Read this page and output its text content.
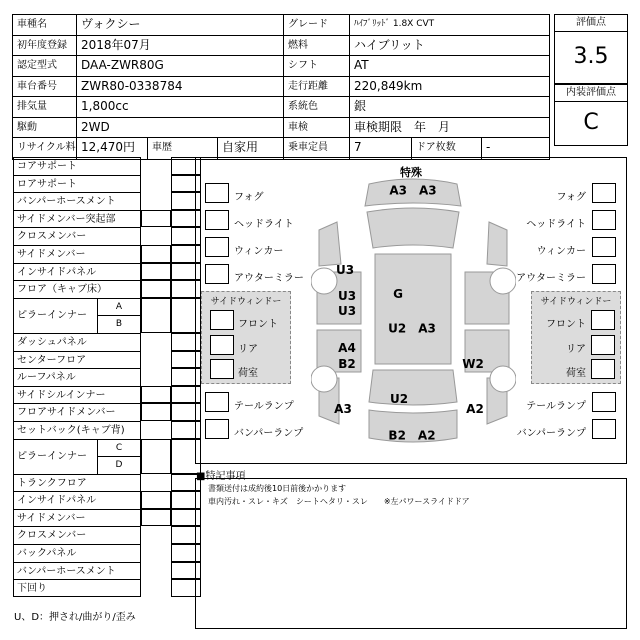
車種名	ヴォクシー	グレード	ﾊｲﾌﾞﾘｯﾄﾞ 1.8X CVT
初年度登録	2018年07月	燃料	ハイブリット
認定型式	DAA-ZWR80G	シフト	AT
車台番号	ZWR80-0338784	走行距離	220,849km
排気量	1,800cc	系統色	銀
駆動	2WD	車検	車検期限　年　月
リサイクル料 12,470円	車歴	自家用	乗車定員	7	ドア枚数	-
評価点
3.5
内装評価点
C
コアサポート
ロアサポート
バンパーホースメント
サイドメンバー突起部
クロスメンバー
サイドメンバー
インサイドパネル
フロア（キャブ床）
ピラーインナー
A
B
ダッシュパネル
センターフロア
ルーフパネル
サイドシルインナー
フロアサイドメンバー
セットバック(キャブ背)
ピラーインナー
C
D
トランクフロア
インサイドパネル
サイドメンバー
クロスメンバー
バックパネル
バンパーホースメント
下回り
U、D：押され/曲がり/歪み
特殊
フォグ
ヘッドライト
ウィンカー
アウターミラー
フォグ
ヘッドライト
ウィンカー
アウターミラー
サイドウィンドー
フロント
リア
荷室
サイドウィンドー
フロント
リア
荷室
テールランプ
バンパーランプ
テールランプ
バンパーランプ
A3　A3
U3
U3
U3
A4
B2
A3
G
U2　A3
W2
U2
A2
B2　A2
■特記事項
書類送付は成約後10日前後かかります
車内汚れ・スレ・キズ　シートヘタリ・スレ　　※左パワースライドドア
